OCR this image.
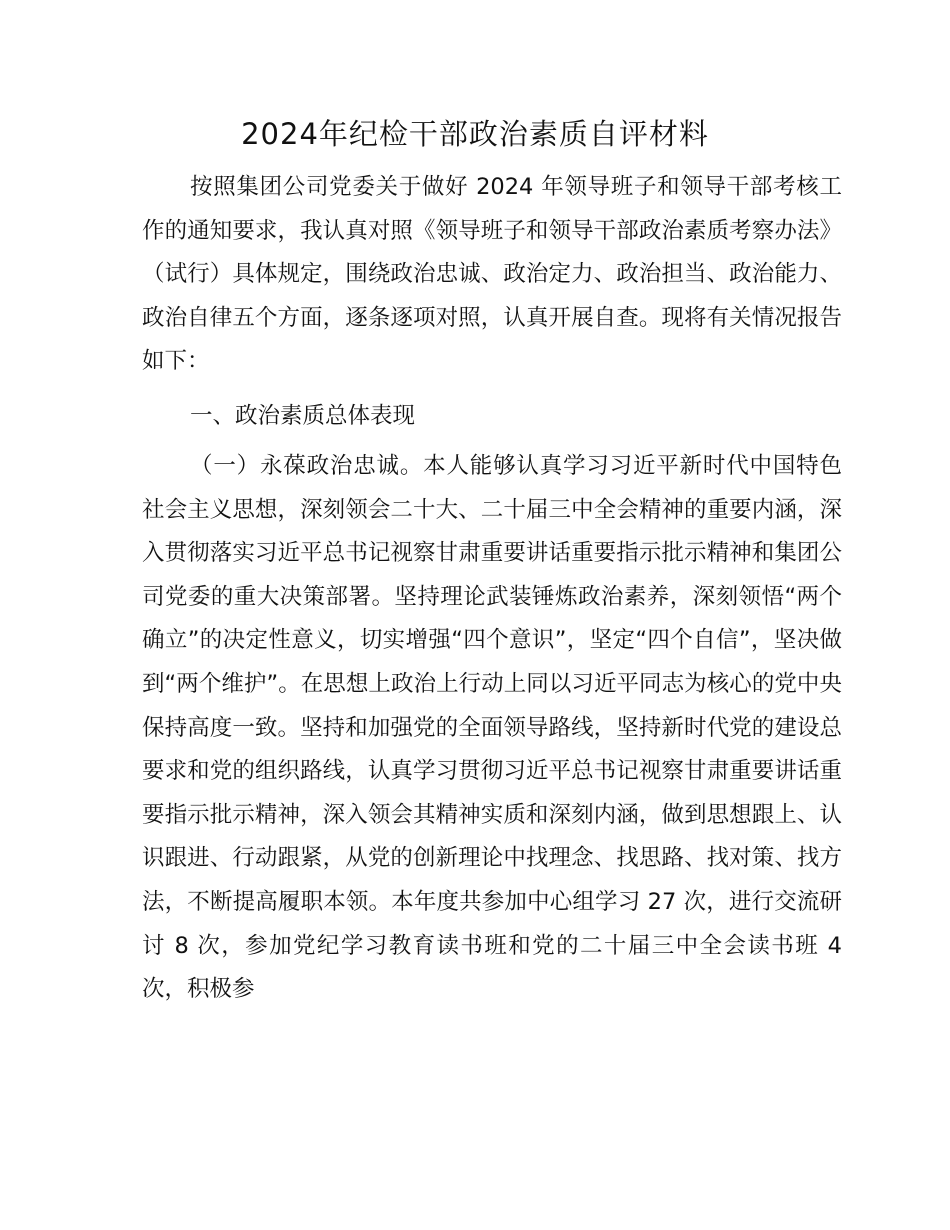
2024年纪检干部政治素质自评材料

按照集团公司党委关于做好 2024 年领导班子和领导干部考核工作的通知要求，我认真对照《领导班子和领导干部政治素质考察办法》（试行）具体规定，围绕政治忠诚、政治定力、政治担当、政治能力、政治自律五个方面，逐条逐项对照，认真开展自查。现将有关情况报告如下：

一、政治素质总体表现

（一）永葆政治忠诚。本人能够认真学习习近平新时代中国特色社会主义思想，深刻领会二十大、二十届三中全会精神的重要内涵，深入贯彻落实习近平总书记视察甘肃重要讲话重要指示批示精神和集团公司党委的重大决策部署。坚持理论武装锤炼政治素养，深刻领悟“两个确立”的决定性意义，切实增强“四个意识”，坚定“四个自信”，坚决做到“两个维护”。在思想上政治上行动上同以习近平同志为核心的党中央保持高度一致。坚持和加强党的全面领导路线，坚持新时代党的建设总要求和党的组织路线，认真学习贯彻习近平总书记视察甘肃重要讲话重要指示批示精神，深入领会其精神实质和深刻内涵，做到思想跟上、认识跟进、行动跟紧，从党的创新理论中找理念、找思路、找对策、找方法，不断提高履职本领。本年度共参加中心组学习 27 次，进行交流研讨 8 次，参加党纪学习教育读书班和党的二十届三中全会读书班 4 次，积极参
